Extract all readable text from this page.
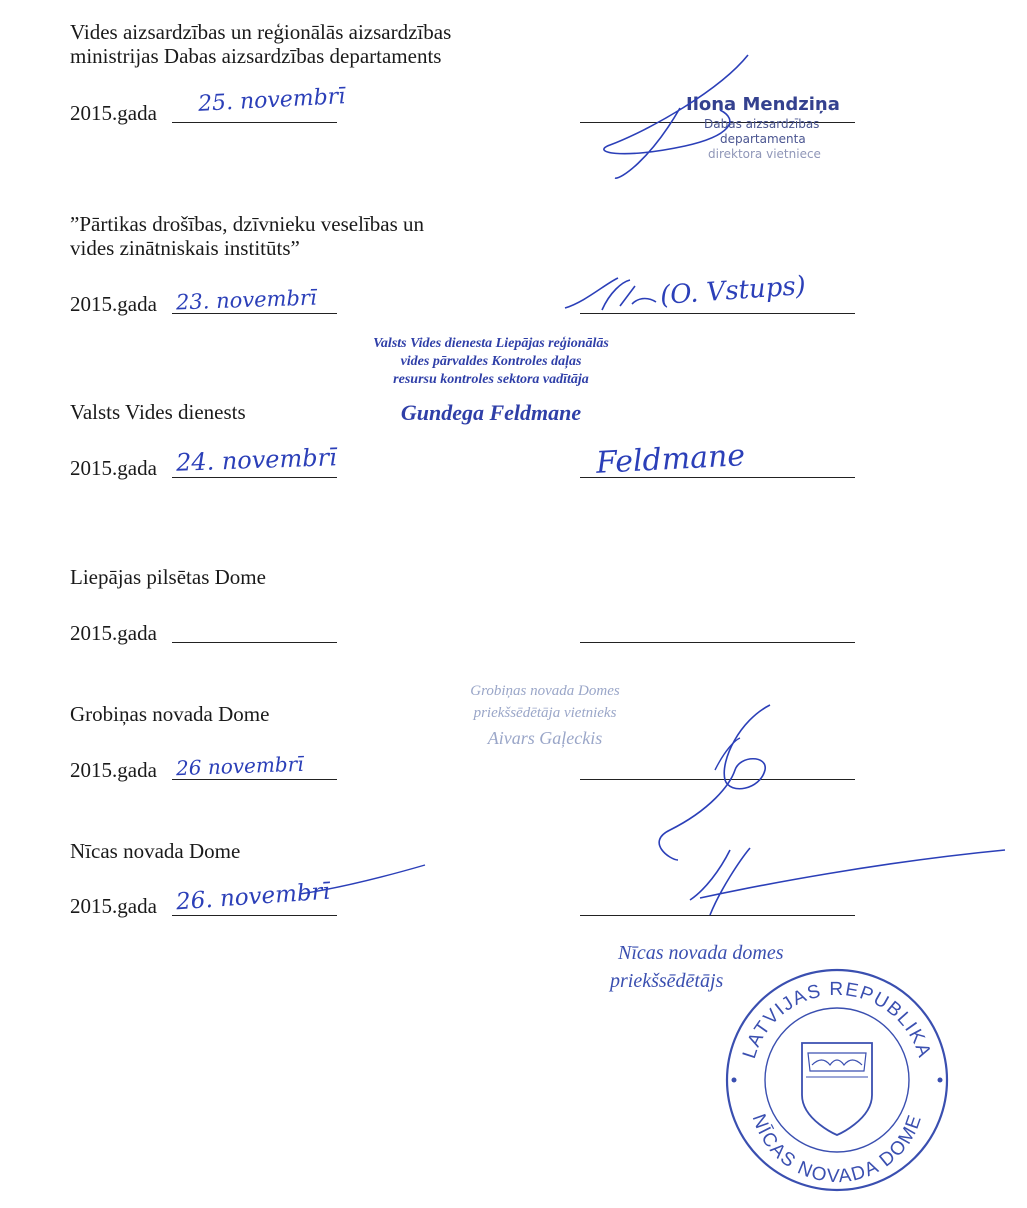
Vides aizsardzības un reģionālās aizsardzības
ministrijas Dabas aizsardzības departaments
2015.gada 25. novembrī	Ilona Mendziņa
Dabas aizsardzības
departamenta
direktora vietniece
”Pārtikas drošības, dzīvnieku veselības un
vides zinātniskais institūts”
2015.gada 23. novembrī	(O. Vstups)
Valsts Vides dienesta Liepājas reģionālās
vides pārvaldes Kontroles daļas
resursu kontroles sektora vadītāja
Gundega Feldmane
Valsts Vides dienests
2015.gada 24. novembrī	Feldmane
Liepājas pilsētas Dome
2015.gada
Grobiņas novada Domes
priekšsēdētāja vietnieks
Aivars Gaļeckis
Grobiņas novada Dome
2015.gada 26 novembrī
Nīcas novada Dome
2015.gada 26. novembrī
Nīcas novada domes
priekšsēdētājs
LATVIJAS REPUBLIKA
NĪCAS NOVADA DOME
